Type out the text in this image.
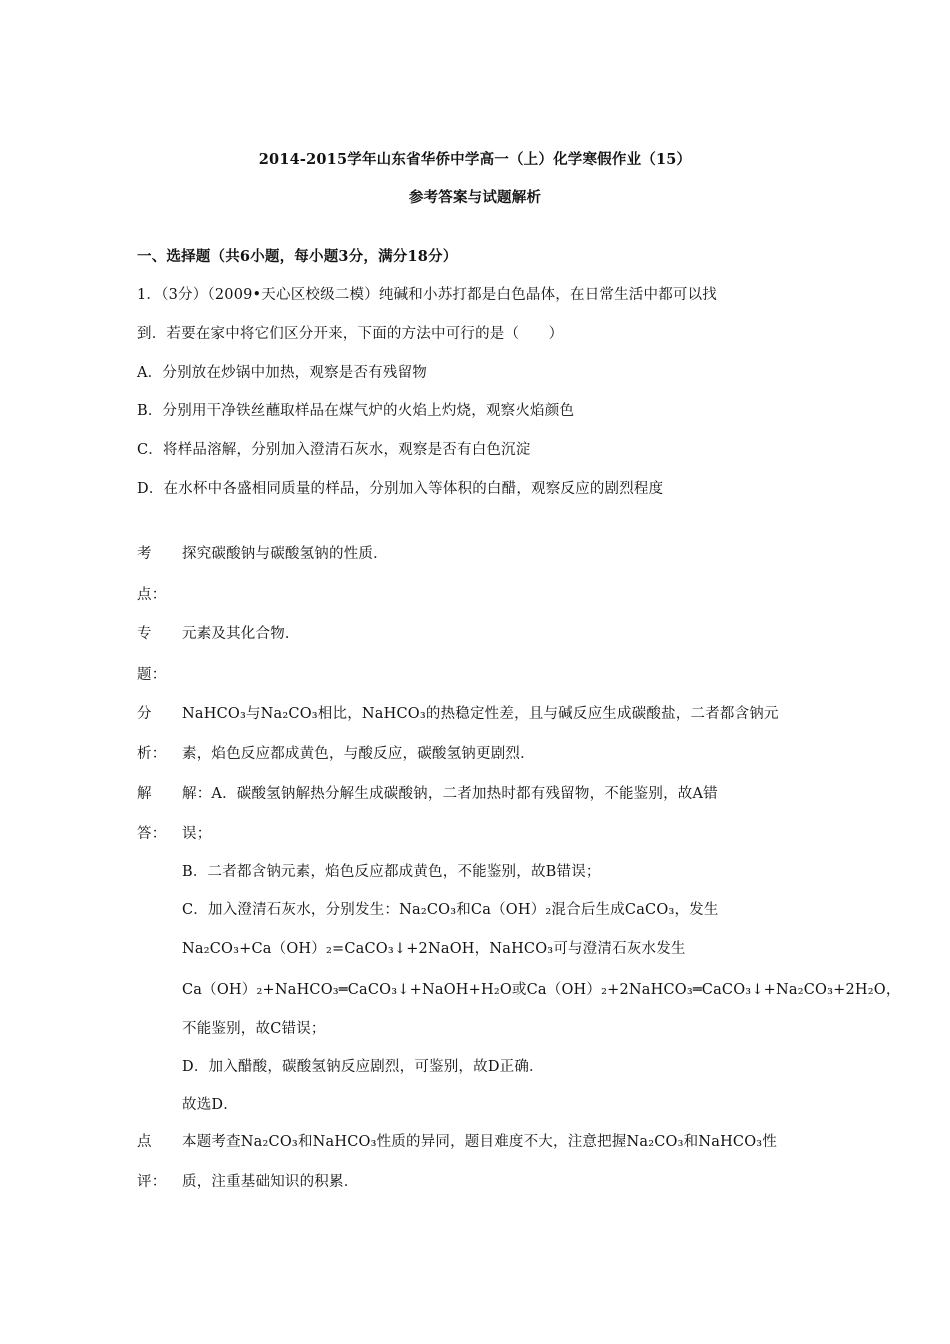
2014-2015学年山东省华侨中学高一（上）化学寒假作业（15）
参考答案与试题解析
一、选择题（共6小题，每小题3分，满分18分）
1．（3分）（2009•天心区校级二模）纯碱和小苏打都是白色晶体，在日常生活中都可以找
到．若要在家中将它们区分开来，下面的方法中可行的是（　　）
A．分别放在炒锅中加热，观察是否有残留物
B．分别用干净铁丝蘸取样品在煤气炉的火焰上灼烧，观察火焰颜色
C．将样品溶解，分别加入澄清石灰水，观察是否有白色沉淀
D．在水杯中各盛相同质量的样品，分别加入等体积的白醋，观察反应的剧烈程度
考 探究碳酸钠与碳酸氢钠的性质．
点：
专 元素及其化合物．
题：
分 NaHCO₃与Na₂CO₃相比，NaHCO₃的热稳定性差，且与碱反应生成碳酸盐，二者都含钠元
析： 素，焰色反应都成黄色，与酸反应，碳酸氢钠更剧烈．
解 解：A．碳酸氢钠解热分解生成碳酸钠，二者加热时都有残留物，不能鉴别，故A错
答： 误；
B．二者都含钠元素，焰色反应都成黄色，不能鉴别，故B错误；
C．加入澄清石灰水，分别发生：Na₂CO₃和Ca（OH）₂混合后生成CaCO₃，发生
Na₂CO₃+Ca（OH）₂=CaCO₃↓+2NaOH，NaHCO₃可与澄清石灰水发生
Ca（OH）₂+NaHCO₃═CaCO₃↓+NaOH+H₂O或Ca（OH）₂+2NaHCO₃═CaCO₃↓+Na₂CO₃+2H₂O，
不能鉴别，故C错误；
D．加入醋酸，碳酸氢钠反应剧烈，可鉴别，故D正确．
故选D．
点 本题考查Na₂CO₃和NaHCO₃性质的异同，题目难度不大，注意把握Na₂CO₃和NaHCO₃性
评： 质，注重基础知识的积累．
